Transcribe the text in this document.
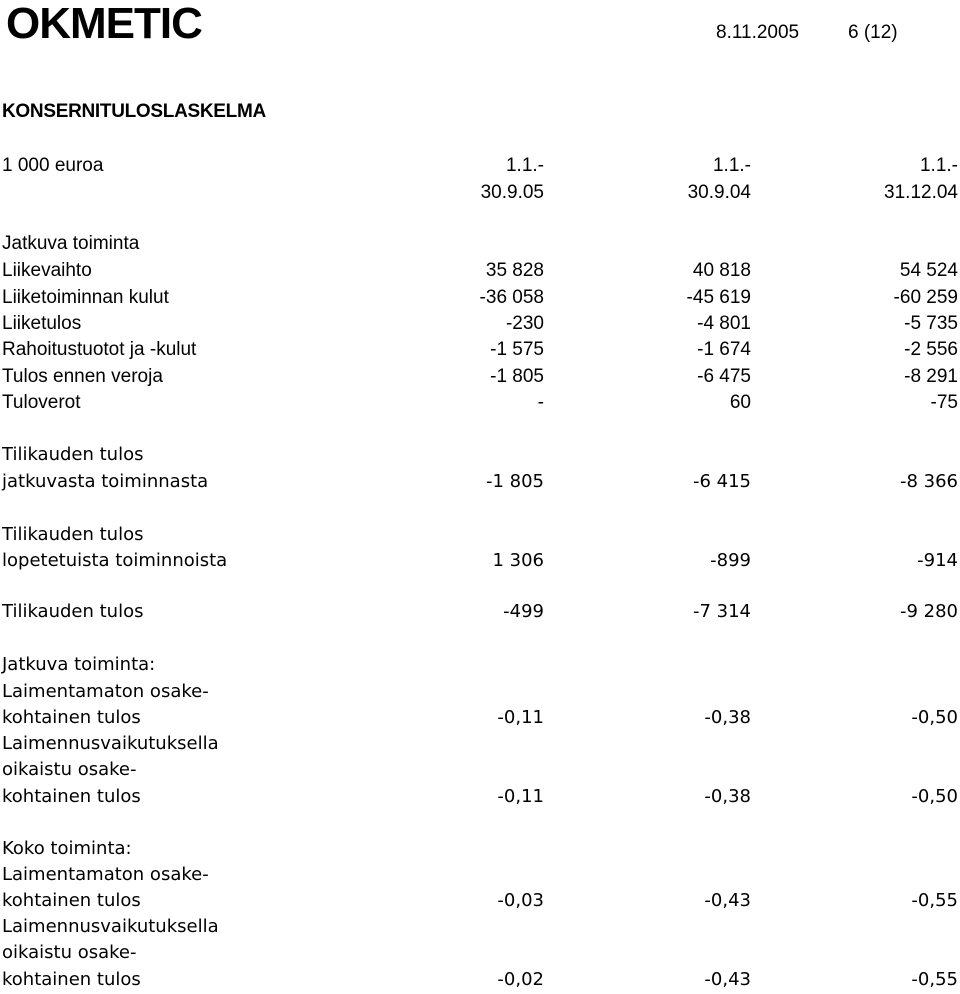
OKMETIC	8.11.2005	6 (12)
KONSERNITULOSLASKELMA
1 000 euroa	1.1.-	1.1.-	1.1.-
30.9.05	30.9.04	31.12.04
Jatkuva toiminta
Liikevaihto	35 828	40 818	54 524
Liiketoiminnan kulut	-36 058	-45 619	-60 259
Liiketulos	-230	-4 801	-5 735
Rahoitustuotot ja -kulut	-1 575	-1 674	-2 556
Tulos ennen veroja	-1 805	-6 475	-8 291
Tuloverot	-	60	-75
Tilikauden tulos
jatkuvasta toiminnasta	-1 805	-6 415	-8 366
Tilikauden tulos
lopetetuista toiminnoista	1 306	-899	-914
Tilikauden tulos	-499	-7 314	-9 280
Jatkuva toiminta:
Laimentamaton osake-
kohtainen tulos	-0,11	-0,38	-0,50
Laimennusvaikutuksella
oikaistu osake-
kohtainen tulos	-0,11	-0,38	-0,50
Koko toiminta:
Laimentamaton osake-
kohtainen tulos	-0,03	-0,43	-0,55
Laimennusvaikutuksella
oikaistu osake-
kohtainen tulos	-0,02	-0,43	-0,55
